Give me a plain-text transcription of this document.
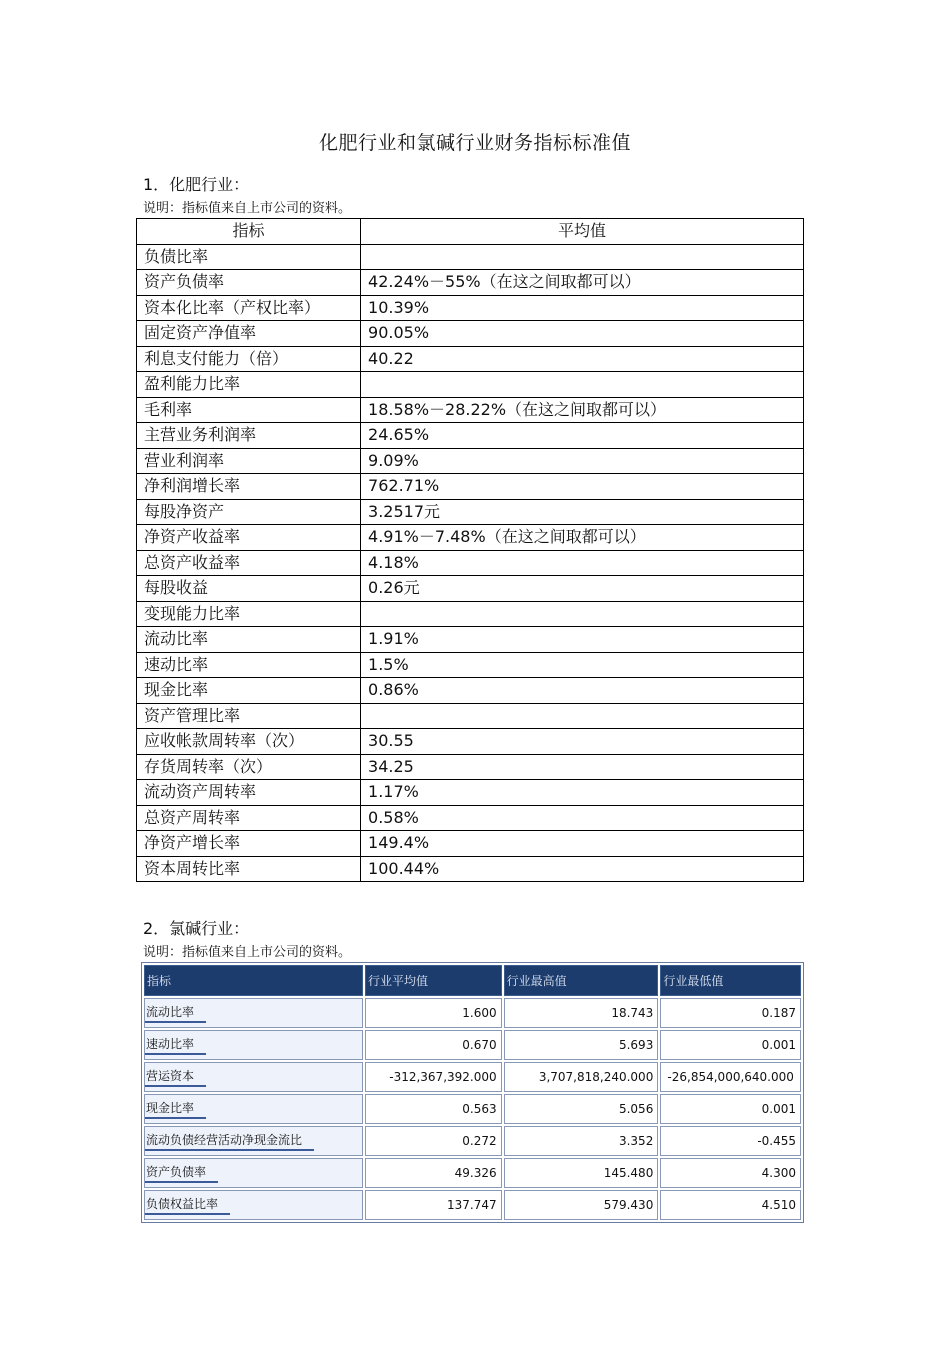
化肥行业和氯碱行业财务指标标准值
1．化肥行业：
说明：指标值来自上市公司的资料。
指标	平均值
负债比率	
资产负债率	42.24%－55%（在这之间取都可以）
资本化比率（产权比率）	10.39%
固定资产净值率	90.05%
利息支付能力（倍）	40.22
盈利能力比率	
毛利率	18.58%－28.22%（在这之间取都可以）
主营业务利润率	24.65%
营业利润率	9.09%
净利润增长率	762.71%
每股净资产	3.2517元
净资产收益率	4.91%－7.48%（在这之间取都可以）
总资产收益率	4.18%
每股收益	0.26元
变现能力比率	
流动比率	1.91%
速动比率	1.5%
现金比率	0.86%
资产管理比率	
应收帐款周转率（次）	30.55
存货周转率（次）	34.25
流动资产周转率	1.17%
总资产周转率	0.58%
净资产增长率	149.4%
资本周转比率	100.44%
2．氯碱行业：
说明：指标值来自上市公司的资料。
指标	行业平均值	行业最高值	行业最低值
流动比率	1.600	18.743	0.187
速动比率	0.670	5.693	0.001
营运资本	-312,367,392.000	3,707,818,240.000	-26,854,000,640.000
现金比率	0.563	5.056	0.001
流动负债经营活动净现金流比	0.272	3.352	-0.455
资产负债率	49.326	145.480	4.300
负债权益比率	137.747	579.430	4.510
